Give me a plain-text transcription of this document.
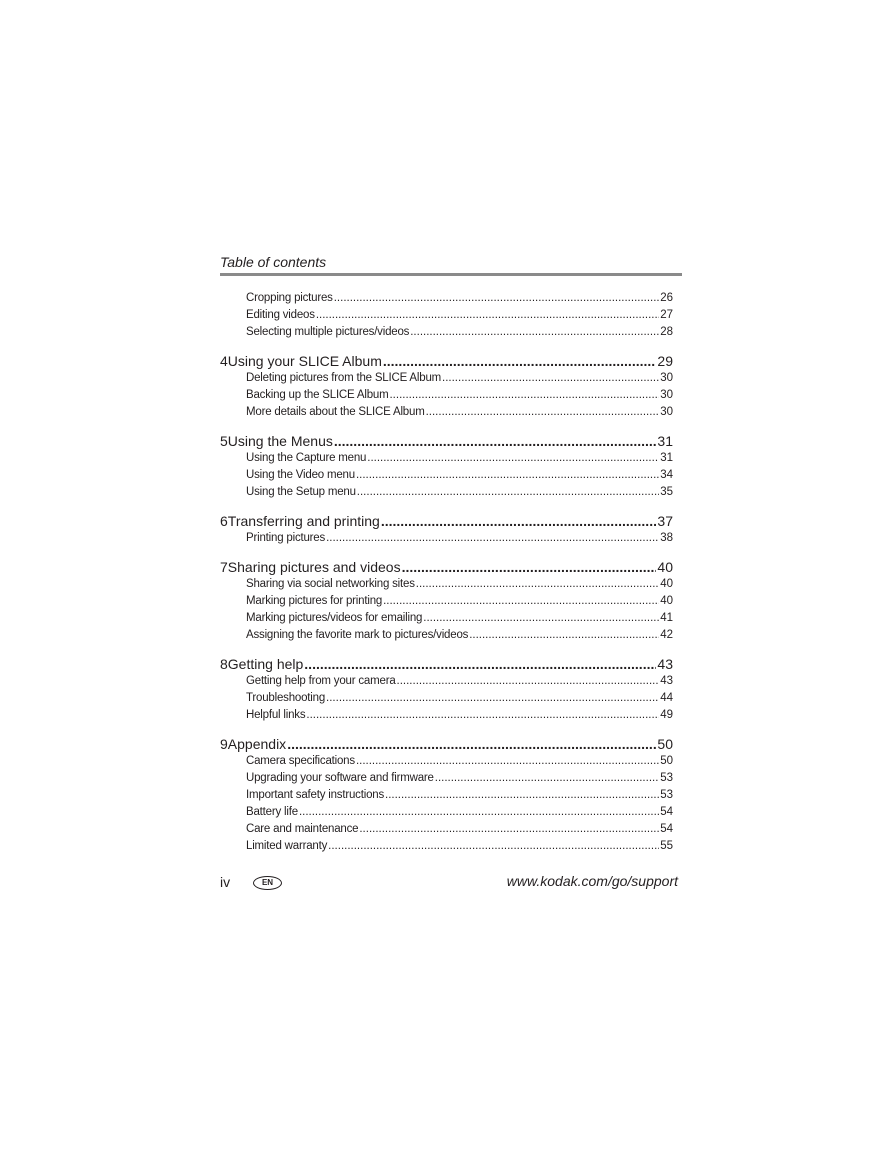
Table of contents
Cropping pictures .....	26
Editing videos .....	27
Selecting multiple pictures/videos .....	28
4 Using your SLICE Album .....	29
Deleting pictures from the SLICE Album .....	30
Backing up the SLICE Album .....	30
More details about the SLICE Album .....	30
5 Using the Menus .....	31
Using the Capture menu .....	31
Using the Video menu .....	34
Using the Setup menu .....	35
6 Transferring and printing .....	37
Printing pictures .....	38
7 Sharing pictures and videos .....	40
Sharing via social networking sites .....	40
Marking pictures for printing .....	40
Marking pictures/videos for emailing .....	41
Assigning the favorite mark to pictures/videos .....	42
8 Getting help .....	43
Getting help from your camera .....	43
Troubleshooting .....	44
Helpful links .....	49
9 Appendix .....	50
Camera specifications .....	50
Upgrading your software and firmware .....	53
Important safety instructions .....	53
Battery life .....	54
Care and maintenance .....	54
Limited warranty .....	55
iv	EN	www.kodak.com/go/support
